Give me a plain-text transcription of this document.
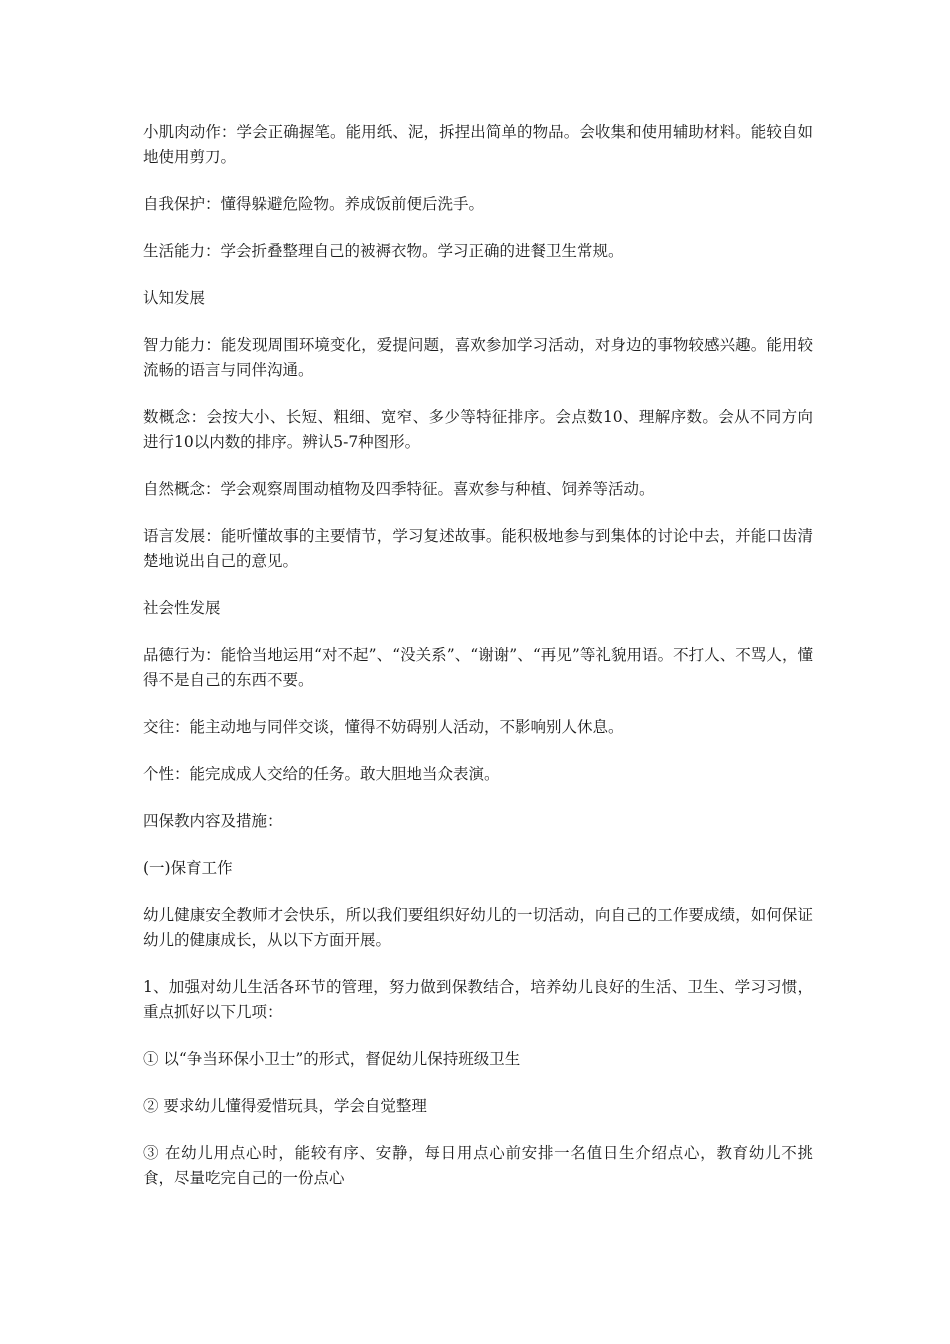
小肌肉动作：学会正确握笔。能用纸、泥，拆捏出简单的物品。会收集和使用辅助材料。能较自如地使用剪刀。

自我保护：懂得躲避危险物。养成饭前便后洗手。

生活能力：学会折叠整理自己的被褥衣物。学习正确的进餐卫生常规。

认知发展

智力能力：能发现周围环境变化，爱提问题，喜欢参加学习活动，对身边的事物较感兴趣。能用较流畅的语言与同伴沟通。

数概念：会按大小、长短、粗细、宽窄、多少等特征排序。会点数10、理解序数。会从不同方向进行10以内数的排序。辨认5-7种图形。

自然概念：学会观察周围动植物及四季特征。喜欢参与种植、饲养等活动。

语言发展：能听懂故事的主要情节，学习复述故事。能积极地参与到集体的讨论中去，并能口齿清楚地说出自己的意见。

社会性发展

品德行为：能恰当地运用“对不起”、“没关系”、“谢谢”、“再见”等礼貌用语。不打人、不骂人，懂得不是自己的东西不要。

交往：能主动地与同伴交谈，懂得不妨碍别人活动，不影响别人休息。

个性：能完成成人交给的任务。敢大胆地当众表演。

四保教内容及措施：

(一)保育工作

幼儿健康安全教师才会快乐，所以我们要组织好幼儿的一切活动，向自己的工作要成绩，如何保证幼儿的健康成长，从以下方面开展。

1、加强对幼儿生活各环节的管理，努力做到保教结合，培养幼儿良好的生活、卫生、学习习惯，重点抓好以下几项：

① 以“争当环保小卫士”的形式，督促幼儿保持班级卫生

② 要求幼儿懂得爱惜玩具，学会自觉整理

③ 在幼儿用点心时，能较有序、安静，每日用点心前安排一名值日生介绍点心，教育幼儿不挑食，尽量吃完自己的一份点心
